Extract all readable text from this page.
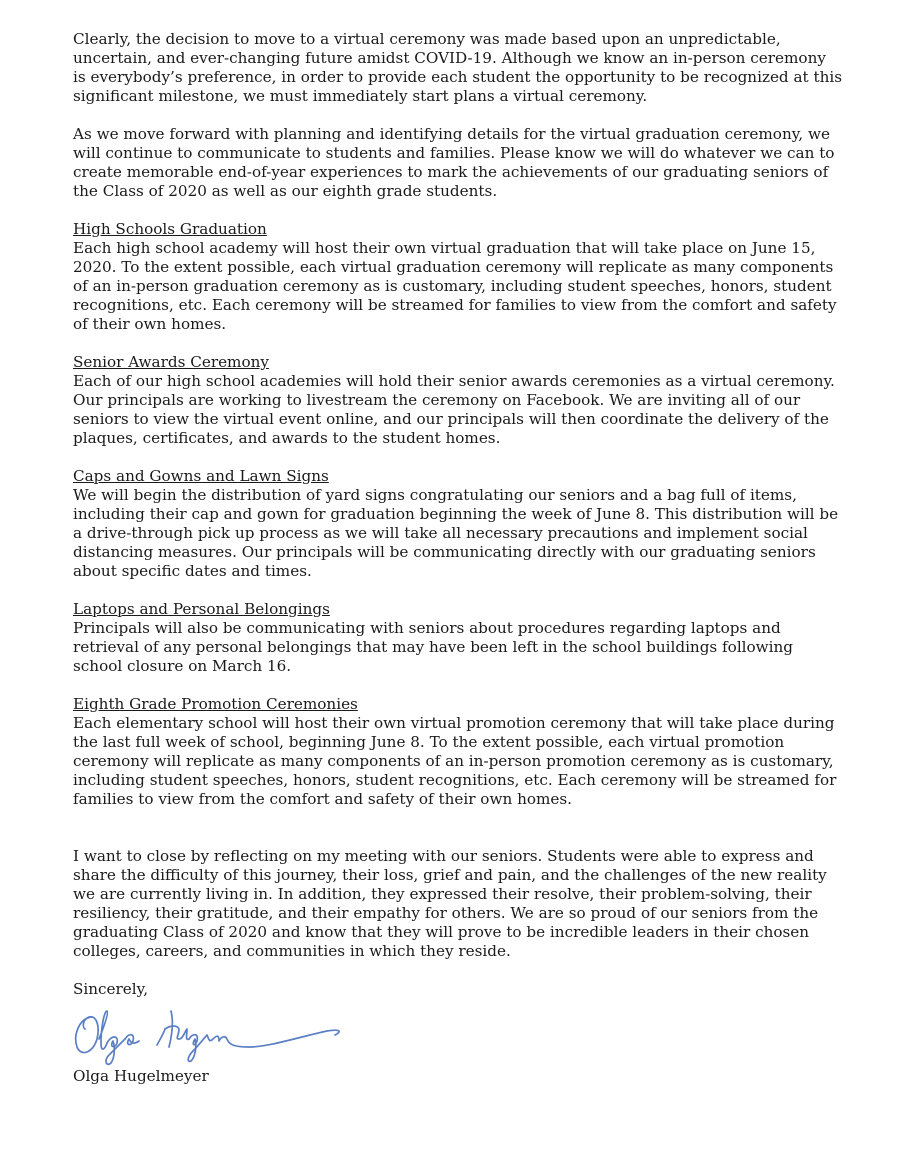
Clearly, the decision to move to a virtual ceremony was made based upon an unpredictable, uncertain, and ever-changing future amidst COVID-19. Although we know an in-person ceremony is everybody’s preference, in order to provide each student the opportunity to be recognized at this significant milestone, we must immediately start plans a virtual ceremony.

As we move forward with planning and identifying details for the virtual graduation ceremony, we will continue to communicate to students and families. Please know we will do whatever we can to create memorable end-of-year experiences to mark the achievements of our graduating seniors of the Class of 2020 as well as our eighth grade students.

High Schools Graduation

Each high school academy will host their own virtual graduation that will take place on June 15, 2020. To the extent possible, each virtual graduation ceremony will replicate as many components of an in-person graduation ceremony as is customary, including student speeches, honors, student recognitions, etc. Each ceremony will be streamed for families to view from the comfort and safety of their own homes.

Senior Awards Ceremony

Each of our high school academies will hold their senior awards ceremonies as a virtual ceremony. Our principals are working to livestream the ceremony on Facebook. We are inviting all of our seniors to view the virtual event online, and our principals will then coordinate the delivery of the plaques, certificates, and awards to the student homes.

Caps and Gowns and Lawn Signs

We will begin the distribution of yard signs congratulating our seniors and a bag full of items, including their cap and gown for graduation beginning the week of June 8. This distribution will be a drive-through pick up process as we will take all necessary precautions and implement social distancing measures. Our principals will be communicating directly with our graduating seniors about specific dates and times.

Laptops and Personal Belongings

Principals will also be communicating with seniors about procedures regarding laptops and retrieval of any personal belongings that may have been left in the school buildings following school closure on March 16.

Eighth Grade Promotion Ceremonies

Each elementary school will host their own virtual promotion ceremony that will take place during the last full week of school, beginning June 8. To the extent possible, each virtual promotion ceremony will replicate as many components of an in-person promotion ceremony as is customary, including student speeches, honors, student recognitions, etc. Each ceremony will be streamed for families to view from the comfort and safety of their own homes.

I want to close by reflecting on my meeting with our seniors. Students were able to express and share the difficulty of this journey, their loss, grief and pain, and the challenges of the new reality we are currently living in. In addition, they expressed their resolve, their problem-solving, their resiliency, their gratitude, and their empathy for others. We are so proud of our seniors from the graduating Class of 2020 and know that they will prove to be incredible leaders in their chosen colleges, careers, and communities in which they reside.

Sincerely,

Olga Hugelmeyer
